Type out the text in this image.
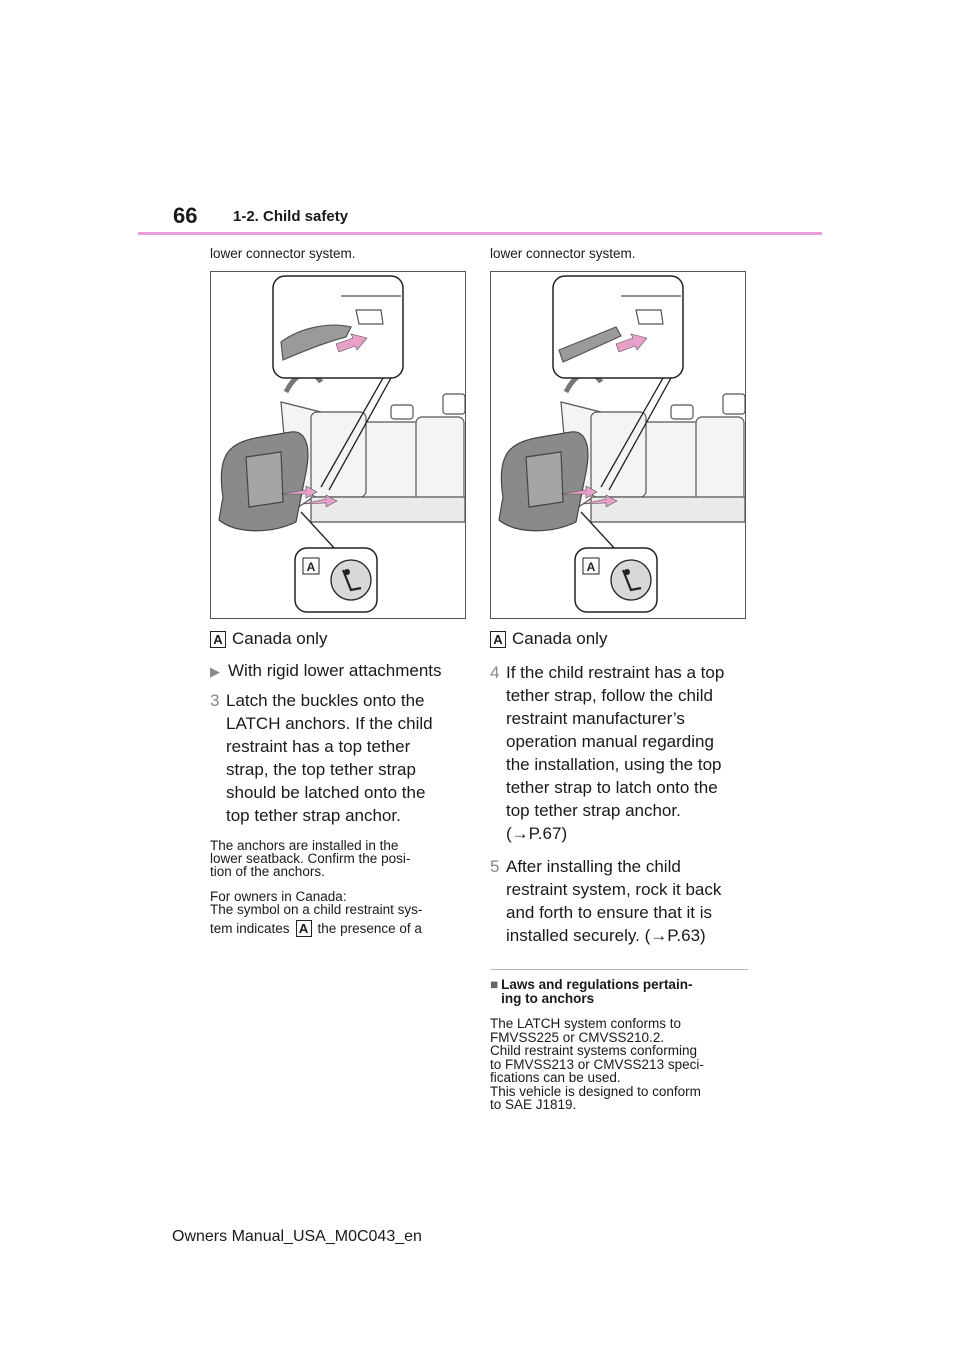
66 1-2. Child safety

lower connector system.

A
A Canada only
▶ With rigid lower attachments
3 Latch the buckles onto the
LATCH anchors. If the child
restraint has a top tether
strap, the top tether strap
should be latched onto the
top tether strap anchor.

The anchors are installed in the

lower seatback. Confirm the posi-

tion of the anchors.

For owners in Canada:

The symbol on a child restraint sys-

tem indicates A the presence of a

lower connector system.

A
A Canada only
4 If the child restraint has a top
tether strap, follow the child
restraint manufacturer’s
operation manual regarding
the installation, using the top
tether strap to latch onto the
top tether strap anchor.
(→P.67)
5 After installing the child
restraint system, rock it back
and forth to ensure that it is
installed securely. (→P.63)
■ Laws and regulations pertain-
ing to anchors

The LATCH system conforms to

FMVSS225 or CMVSS210.2.

Child restraint systems conforming

to FMVSS213 or CMVSS213 speci-

fications can be used.

This vehicle is designed to conform

to SAE J1819.

Owners Manual_USA_M0C043_en
